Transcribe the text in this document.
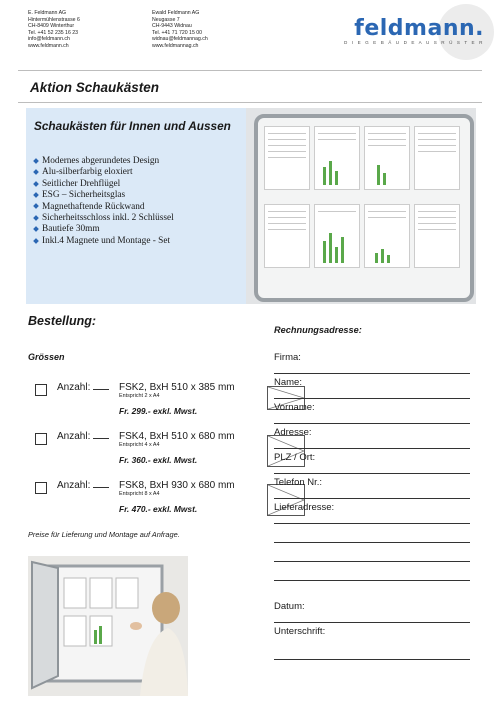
E. Feldmann AG
Hintermühlenstrasse 6
CH-8409 Winterthur
Tel. +41 52 235 16 23
info@feldmann.ch
www.feldmann.ch
Ewald Feldmann AG
Neugasse 7
CH-9443 Widnau
Tel. +41 71 720 15 00
widnau@feldmannag.ch
www.feldmannag.ch
feldmann.
D I E G E B Ä U D E A U S R Ü S T E R
Aktion Schaukästen
Schaukästen für Innen und Aussen
Modernes abgerundetes Design
Alu-silberfarbig eloxiert
Seitlicher Drehflügel
ESG – Sicherheitsglas
Magnethaftende Rückwand
Sicherheitsschloss inkl. 2 Schlüssel
Bautiefe 30mm
Inkl.4 Magnete und Montage - Set
Bestellung:
Grössen
Anzahl:	FSK2, BxH 510 x 385 mm
Entspricht 2 x A4
Fr. 299.- exkl. Mwst.
Anzahl:	FSK4, BxH 510 x 680 mm
Entspricht 4 x A4
Fr. 360.- exkl. Mwst.
Anzahl:	FSK8, BxH 930 x 680 mm
Entspricht 8 x A4
Fr. 470.- exkl. Mwst.
Preise für Lieferung und Montage auf Anfrage.
Rechnungsadresse:
Firma:
Name:
Vorname:
Adresse:
PLZ / Ort:
Telefon Nr.:
Lieferadresse:
Datum:
Unterschrift:
